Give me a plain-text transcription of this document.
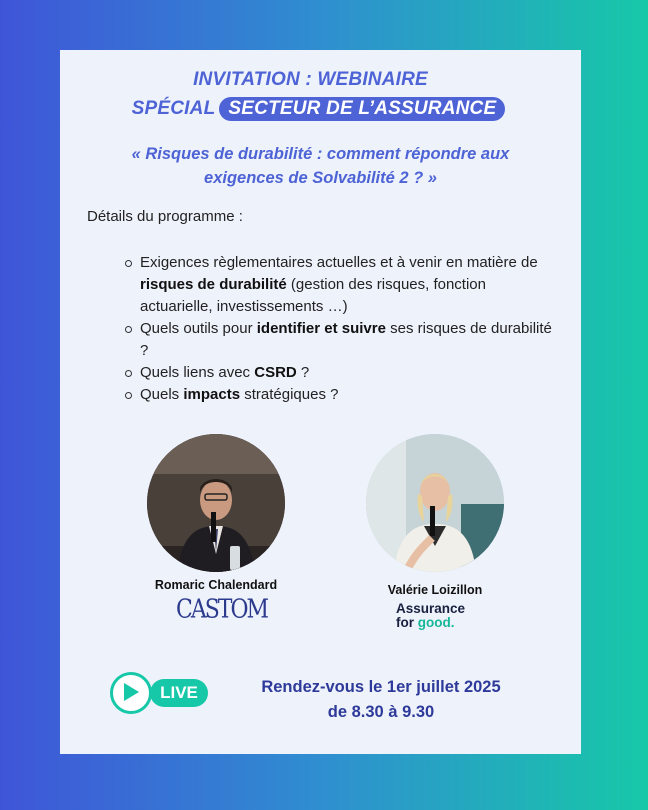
INVITATION : WEBINAIRE
SPÉCIAL SECTEUR DE L’ASSURANCE
« Risques de durabilité : comment répondre aux
exigences de Solvabilité 2 ? »
Détails du programme :
Exigences règlementaires actuelles et à venir en matière de risques de durabilité (gestion des risques, fonction actuarielle, investissements …)
Quels outils pour identifier et suivre ses risques de durabilité ?
Quels liens avec CSRD ?
Quels impacts stratégiques ?
Romaric Chalendard
CASTOM
Valérie Loizillon
Assurance
for good.
LIVE	Rendez-vous le 1er juillet 2025
de 8.30 à 9.30
